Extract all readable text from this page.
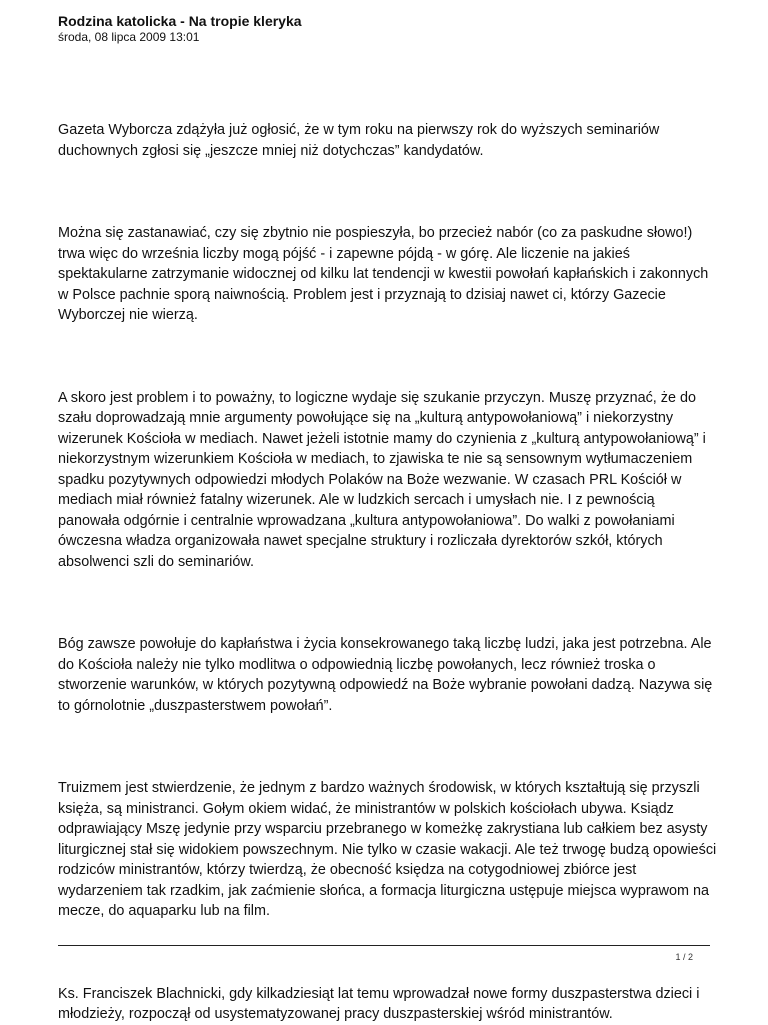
Rodzina katolicka - Na tropie kleryka

środa, 08 lipca 2009 13:01

Gazeta Wyborcza zdążyła już ogłosić, że w tym roku na pierwszy rok do wyższych seminariów duchownych zgłosi się „jeszcze mniej niż dotychczas” kandydatów.

Można się zastanawiać, czy się zbytnio nie pospieszyła, bo przecież nabór (co za paskudne słowo!) trwa więc do września liczby mogą pójść - i zapewne pójdą - w górę. Ale liczenie na jakieś spektakularne zatrzymanie widocznej od kilku lat tendencji w kwestii powołań kapłańskich i zakonnych w Polsce pachnie sporą naiwnością. Problem jest i przyznają to dzisiaj nawet ci, którzy Gazecie Wyborczej nie wierzą.

A skoro jest problem i to poważny, to logiczne wydaje się szukanie przyczyn. Muszę przyznać, że do szału doprowadzają mnie argumenty powołujące się na „kulturą antypowołaniową” i niekorzystny wizerunek Kościoła w mediach. Nawet jeżeli istotnie mamy do czynienia z „kulturą antypowołaniową” i niekorzystnym wizerunkiem Kościoła w mediach, to zjawiska te nie są sensownym wytłumaczeniem spadku pozytywnych odpowiedzi młodych Polaków na Boże wezwanie. W czasach PRL Kościół w mediach miał również fatalny wizerunek. Ale w ludzkich sercach i umysłach nie. I z pewnością panowała odgórnie i centralnie wprowadzana „kultura antypowołaniowa”. Do walki z powołaniami ówczesna władza organizowała nawet specjalne struktury i rozliczała dyrektorów szkół, których absolwenci szli do seminariów.

Bóg zawsze powołuje do kapłaństwa i życia konsekrowanego taką liczbę ludzi, jaka jest potrzebna. Ale do Kościoła należy nie tylko modlitwa o odpowiednią liczbę powołanych, lecz również troska o stworzenie warunków, w których pozytywną odpowiedź na Boże wybranie powołani dadzą. Nazywa się to górnolotnie „duszpasterstwem powołań”.

Truizmem jest stwierdzenie, że jednym z bardzo ważnych środowisk, w których kształtują się przyszli księża, są ministranci. Gołym okiem widać, że ministrantów w polskich kościołach ubywa. Ksiądz odprawiający Mszę jedynie przy wsparciu przebranego w komeżkę zakrystiana lub całkiem bez asysty liturgicznej stał się widokiem powszechnym. Nie tylko w czasie wakacji. Ale też trwogę budzą opowieści rodziców ministrantów, którzy twierdzą, że obecność księdza na cotygodniowej zbiórce jest wydarzeniem tak rzadkim, jak zaćmienie słońca, a formacja liturgiczna ustępuje miejsca wyprawom na mecze, do aquaparku lub na film.

Ks. Franciszek Blachnicki, gdy kilkadziesiąt lat temu wprowadzał nowe formy duszpasterstwa dzieci i młodzieży, rozpoczął od usystematyzowanej pracy duszpasterskiej wśród ministrantów.

1 / 2
